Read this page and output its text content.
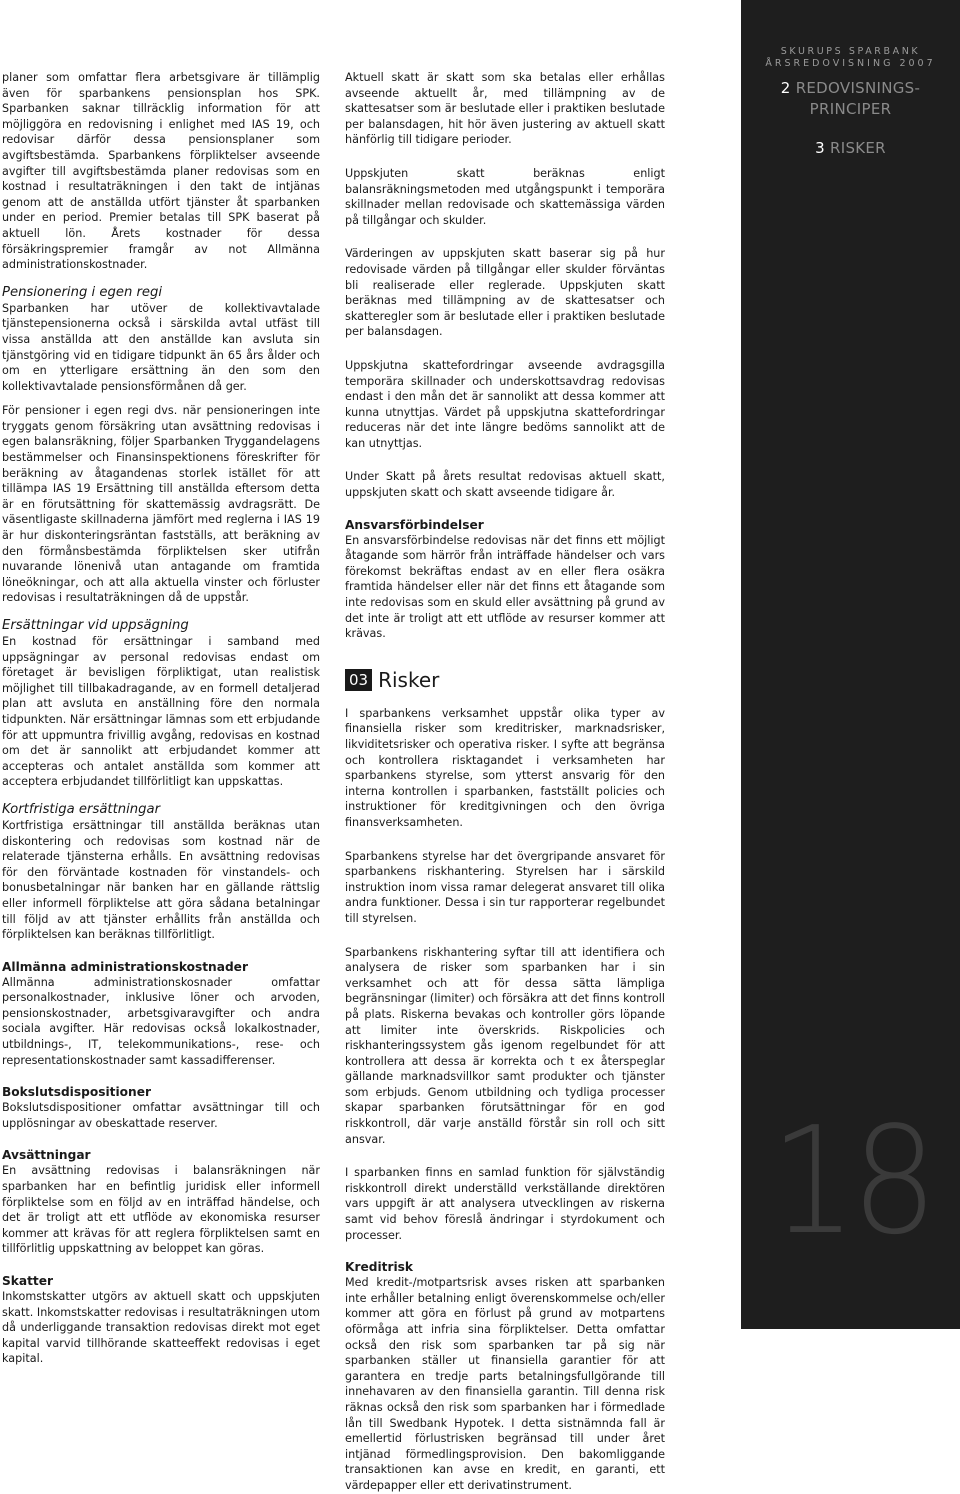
planer som omfattar flera arbetsgivare är tillämplig även för sparbankens pensionsplan hos SPK. Sparbanken saknar tillräcklig information för att möjliggöra en redovisning i enlighet med IAS 19, och redovisar därför dessa pensionsplaner som avgiftsbestämda. Sparbankens förpliktelser avseende avgifter till avgiftsbestämda planer redovisas som en kostnad i resultaträkningen i den takt de intjänas genom att de anställda utfört tjänster åt sparbanken under en period. Premier betalas till SPK baserat på aktuell lön. Årets kostnader för dessa försäkringspremier framgår av not Allmänna administrationskostnader.

Pensionering i egen regi

Sparbanken har utöver de kollektivavtalade tjänstepensionerna också i särskilda avtal utfäst till vissa anställda att den anställde kan avsluta sin tjänstgöring vid en tidigare tidpunkt än 65 års ålder och om en ytterligare ersättning än den som den kollektivavtalade pensionsförmånen då ger.

För pensioner i egen regi dvs. när pensioneringen inte tryggats genom försäkring utan avsättning redovisas i egen balansräkning, följer Sparbanken Tryggandelagens bestämmelser och Finansinspektionens föreskrifter för beräkning av åtagandenas storlek istället för att tillämpa IAS 19 Ersättning till anställda eftersom detta är en förutsättning för skattemässig avdragsrätt. De väsentligaste skillnaderna jämfört med reglerna i IAS 19 är hur diskonteringsräntan fastställs, att beräkning av den förmånsbestämda förpliktelsen sker utifrån nuvarande lönenivå utan antagande om framtida löneökningar, och att alla aktuella vinster och förluster redovisas i resultaträkningen då de uppstår.

Ersättningar vid uppsägning

En kostnad för ersättningar i samband med uppsägningar av personal redovisas endast om företaget är bevisligen förpliktigat, utan realistisk möjlighet till tillbakadragande, av en formell detaljerad plan att avsluta en anställning före den normala tidpunkten. När ersättningar lämnas som ett erbjudande för att uppmuntra frivillig avgång, redovisas en kostnad om det är sannolikt att erbjudandet kommer att accepteras och antalet anställda som kommer att acceptera erbjudandet tillförlitligt kan uppskattas.

Kortfristiga ersättningar

Kortfristiga ersättningar till anställda beräknas utan diskontering och redovisas som kostnad när de relaterade tjänsterna erhålls. En avsättning redovisas för den förväntade kostnaden för vinstandels- och bonusbetalningar när banken har en gällande rättslig eller informell förpliktelse att göra sådana betalningar till följd av att tjänster erhållits från anställda och förpliktelsen kan beräknas tillförlitligt.

Allmänna administrationskostnader

Allmänna administrationskosnader omfattar personalkostnader, inklusive löner och arvoden, pensionskostnader, arbetsgivaravgifter och andra sociala avgifter. Här redovisas också lokalkostnader, utbildnings-, IT, telekommunikations-, rese- och representationskostnader samt kassadifferenser.

Bokslutsdispositioner

Bokslutsdispositioner omfattar avsättningar till och upplösningar av obeskattade reserver.

Avsättningar

En avsättning redovisas i balansräkningen när sparbanken har en befintlig juridisk eller informell förpliktelse som en följd av en inträffad händelse, och det är troligt att ett utflöde av ekonomiska resurser kommer att krävas för att reglera förpliktelsen samt en tillförlitlig uppskattning av beloppet kan göras.

Skatter

Inkomstskatter utgörs av aktuell skatt och uppskjuten skatt. Inkomstskatter redovisas i resultaträkningen utom då underliggande transaktion redovisas direkt mot eget kapital varvid tillhörande skatteeffekt redovisas i eget kapital.

Aktuell skatt är skatt som ska betalas eller erhållas avseende aktuellt år, med tillämpning av de skattesatser som är beslutade eller i praktiken beslutade per balansdagen, hit hör även justering av aktuell skatt hänförlig till tidigare perioder.

Uppskjuten skatt beräknas enligt balansräkningsmetoden med utgångspunkt i temporära skillnader mellan redovisade och skattemässiga värden på tillgångar och skulder.

Värderingen av uppskjuten skatt baserar sig på hur redovisade värden på tillgångar eller skulder förväntas bli realiserade eller reglerade. Uppskjuten skatt beräknas med tillämpning av de skattesatser och skatteregler som är beslutade eller i praktiken beslutade per balansdagen.

Uppskjutna skattefordringar avseende avdragsgilla temporära skillnader och underskottsavdrag redovisas endast i den mån det är sannolikt att dessa kommer att kunna utnyttjas. Värdet på uppskjutna skattefordringar reduceras när det inte längre bedöms sannolikt att de kan utnyttjas.

Under Skatt på årets resultat redovisas aktuell skatt, uppskjuten skatt och skatt avseende tidigare år.

Ansvarsförbindelser

En ansvarsförbindelse redovisas när det finns ett möjligt åtagande som härrör från inträffade händelser och vars förekomst bekräftas endast av en eller flera osäkra framtida händelser eller när det finns ett åtagande som inte redovisas som en skuld eller avsättning på grund av det inte är troligt att ett utflöde av resurser kommer att krävas.

03 Risker

I sparbankens verksamhet uppstår olika typer av finansiella risker som kreditrisker, marknadsrisker, likviditetsrisker och operativa risker. I syfte att begränsa och kontrollera risktagandet i verksamheten har sparbankens styrelse, som ytterst ansvarig för den interna kontrollen i sparbanken, fastställt policies och instruktioner för kreditgivningen och den övriga finansverksamheten.

Sparbankens styrelse har det övergripande ansvaret för sparbankens riskhantering. Styrelsen har i särskild instruktion inom vissa ramar delegerat ansvaret till olika andra funktioner. Dessa i sin tur rapporterar regelbundet till styrelsen.

Sparbankens riskhantering syftar till att identifiera och analysera de risker som sparbanken har i sin verksamhet och att för dessa sätta lämpliga begränsningar (limiter) och försäkra att det finns kontroll på plats. Riskerna bevakas och kontroller görs löpande att limiter inte överskrids. Riskpolicies och riskhanteringssystem gås igenom regelbundet för att kontrollera att dessa är korrekta och t ex återspeglar gällande marknadsvillkor samt produkter och tjänster som erbjuds. Genom utbildning och tydliga processer skapar sparbanken förutsättningar för en god riskkontroll, där varje anställd förstår sin roll och sitt ansvar.

I sparbanken finns en samlad funktion för självständig riskkontroll direkt underställd verkställande direktören vars uppgift är att analysera utvecklingen av riskerna samt vid behov föreslå ändringar i styrdokument och processer.

Kreditrisk

Med kredit-/motpartsrisk avses risken att sparbanken inte erhåller betalning enligt överenskommelse och/eller kommer att göra en förlust på grund av motpartens oförmåga att infria sina förpliktelser. Detta omfattar också den risk som sparbanken tar på sig när sparbanken ställer ut finansiella garantier för att garantera en tredje parts betalningsfullgörande till innehavaren av den finansiella garantin. Till denna risk räknas också den risk som sparbanken har i förmedlade lån till Swedbank Hypotek. I detta sistnämnda fall är emellertid förlustrisken begränsad till under året intjänad förmedlingsprovision. Den bakomliggande transaktionen kan avse en kredit, en garanti, ett värdepapper eller ett derivatinstrument.

SKURUPS SPARBANK
ÅRSREDOVISNING 2007
2 REDOVISNINGS-
PRINCIPER
3 RISKER
18
